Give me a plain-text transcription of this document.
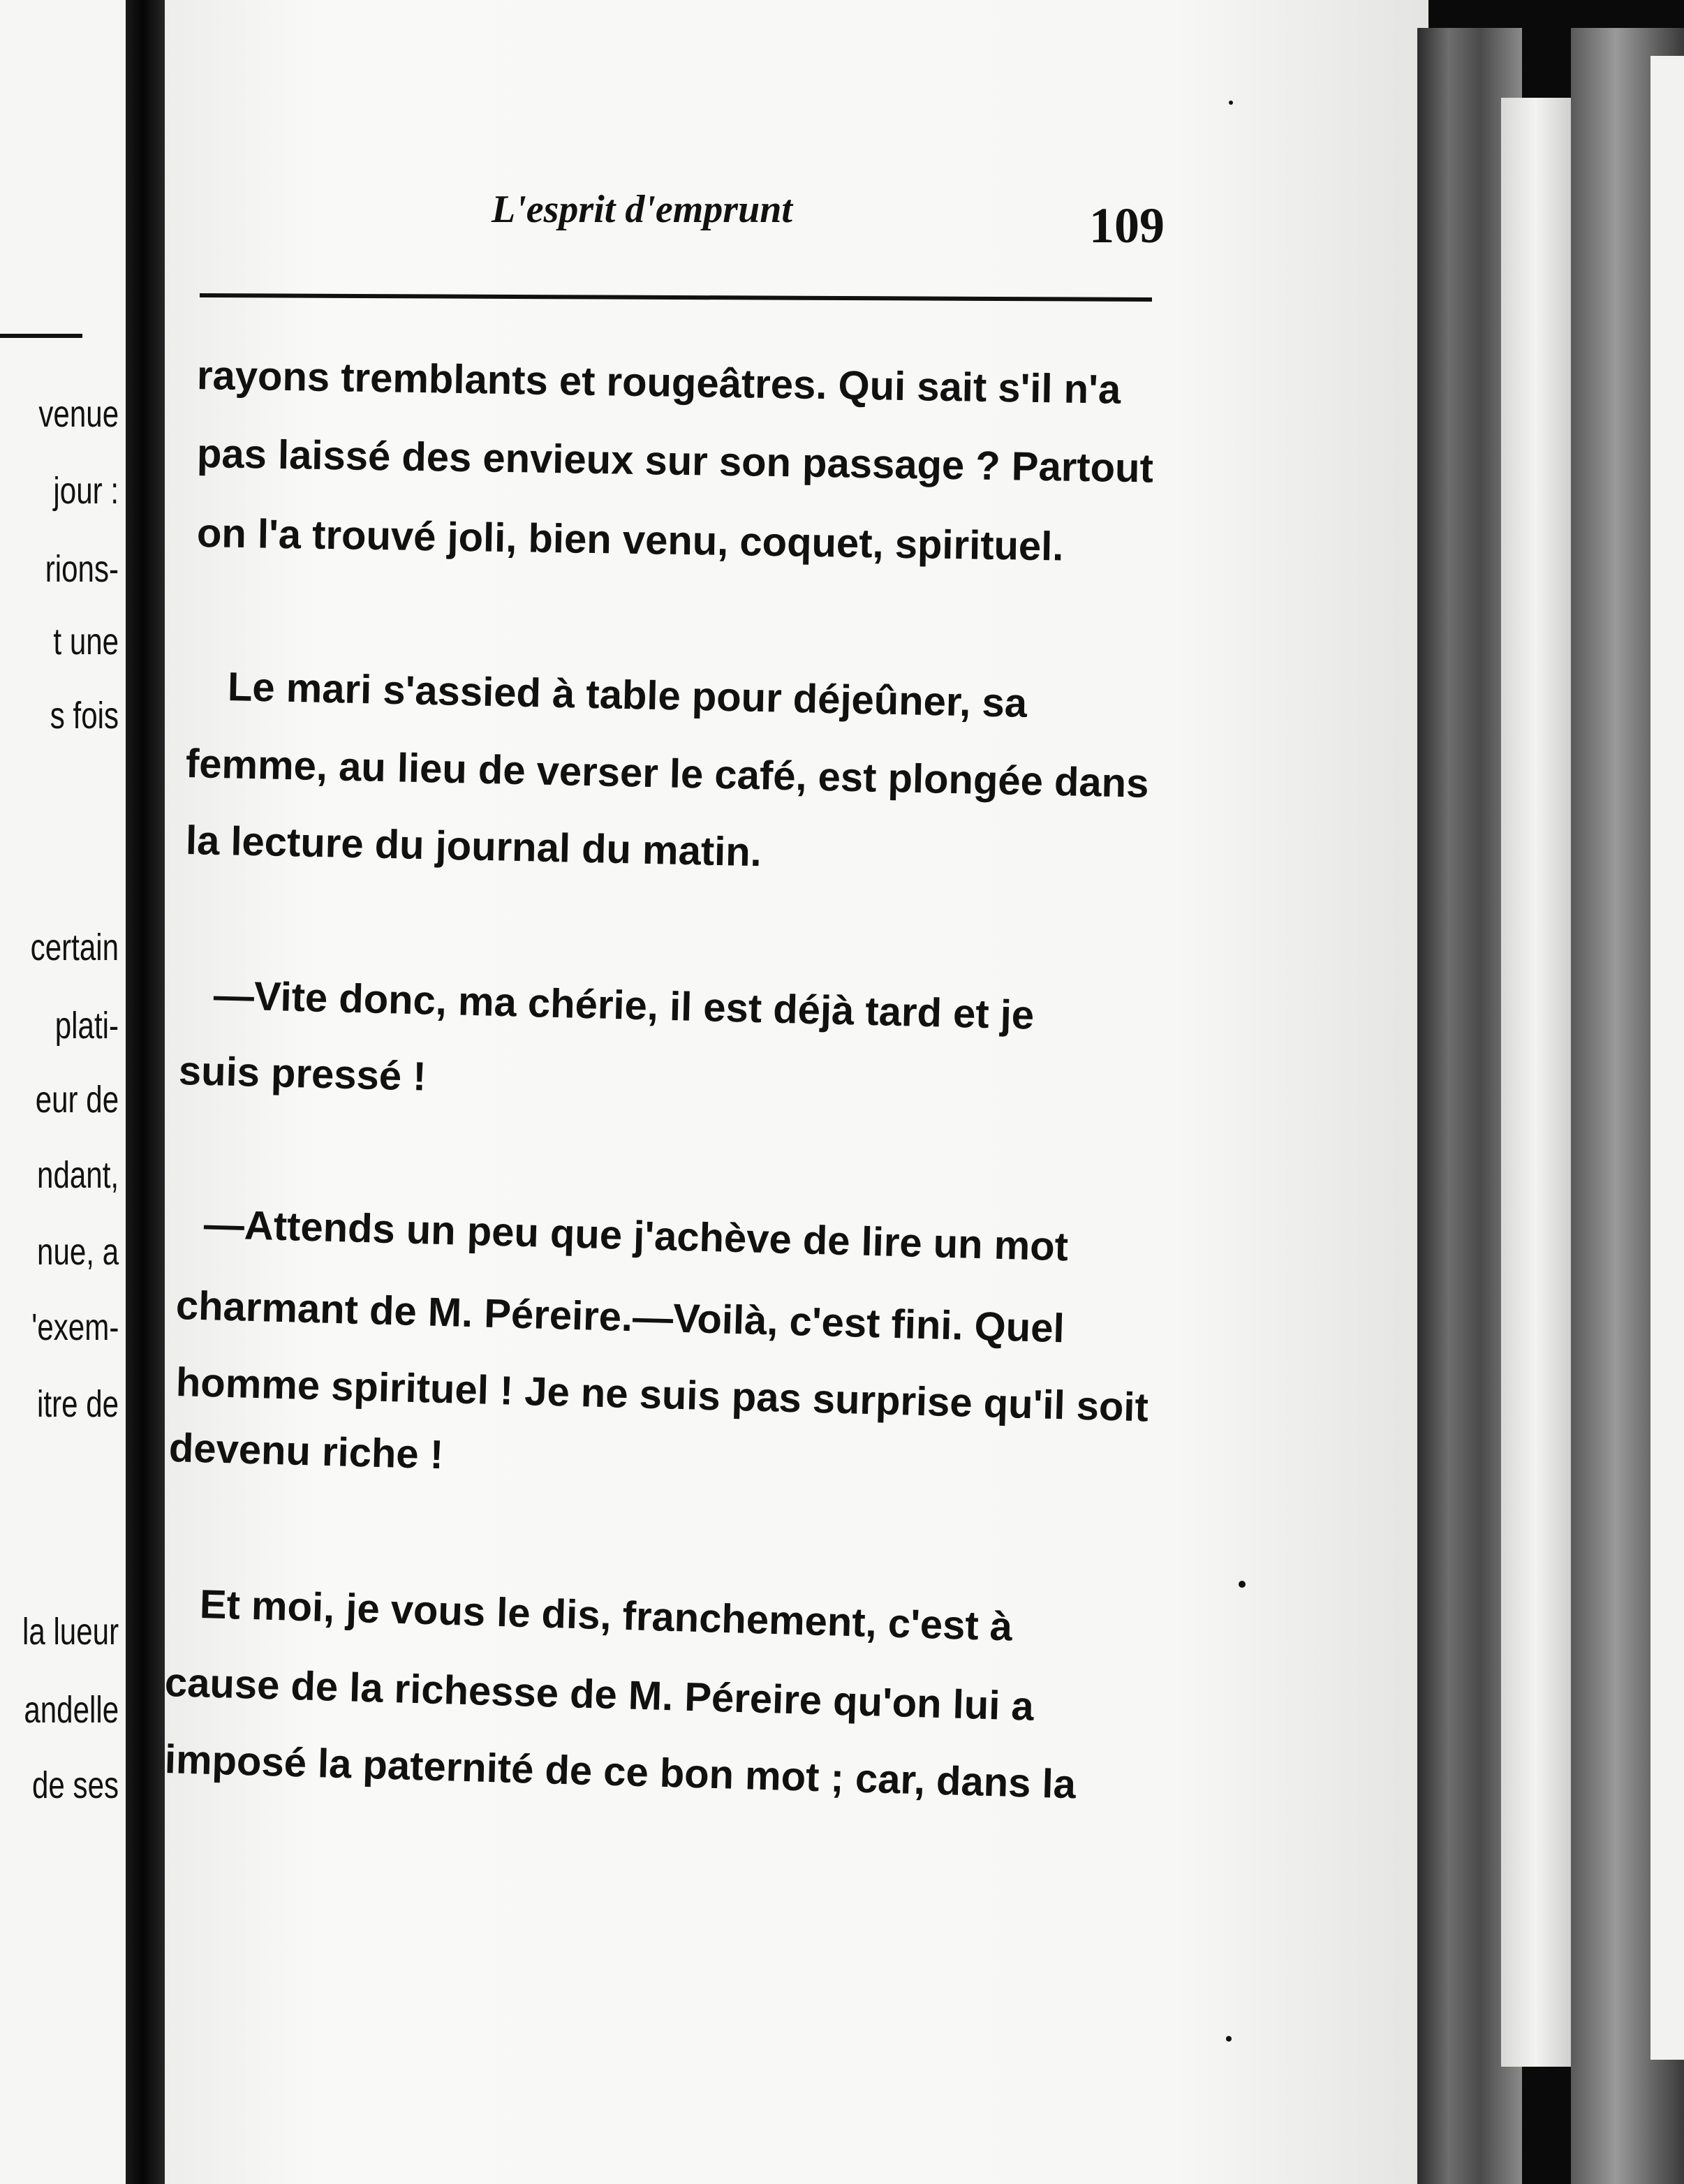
venue
jour :
rions-
t une
s fois
certain
plati-
eur de
ndant,
nue, a
'exem-
itre de
la lueur
andelle
de ses
L'esprit d'emprunt	109
rayons tremblants et rougeâtres. Qui sait s'il n'a
pas laissé des envieux sur son passage ? Partout
on l'a trouvé joli, bien venu, coquet, spirituel.
Le mari s'assied à table pour déjeûner, sa
femme, au lieu de verser le café, est plongée dans
la lecture du journal du matin.
—Vite donc, ma chérie, il est déjà tard et je
suis pressé !
—Attends un peu que j'achève de lire un mot
charmant de M. Péreire.—Voilà, c'est fini. Quel
homme spirituel ! Je ne suis pas surprise qu'il soit
devenu riche !
Et moi, je vous le dis, franchement, c'est à
cause de la richesse de M. Péreire qu'on lui a
imposé la paternité de ce bon mot ; car, dans la
